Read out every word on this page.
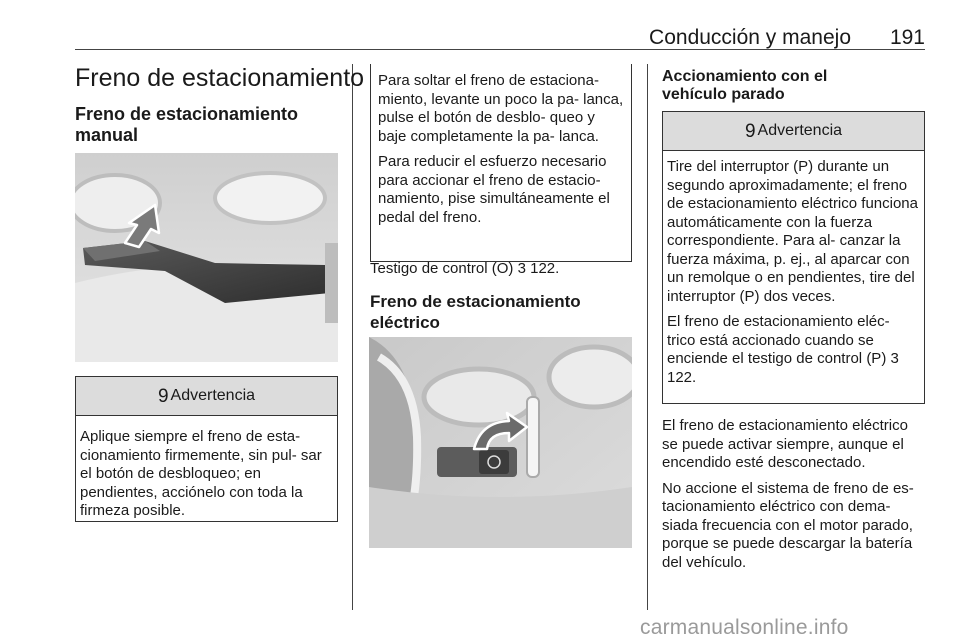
Conducción y manejo 191
Freno de estacionamiento
Freno de estacionamiento manual
9 Advertencia

Aplique siempre el freno de esta- cionamiento firmemente, sin pul- sar el botón de desbloqueo; en pendientes, acciónelo con toda la firmeza posible.

Para soltar el freno de estaciona- miento, levante un poco la pa- lanca, pulse el botón de desblo- queo y baje completamente la pa- lanca.

Para reducir el esfuerzo necesario para accionar el freno de estacio- namiento, pise simultáneamente el pedal del freno.

Testigo de control (O) 3 122.
Freno de estacionamiento eléctrico
Accionamiento con el vehículo parado
9 Advertencia

Tire del interruptor (P) durante un segundo aproximadamente; el freno de estacionamiento eléctrico funciona automáticamente con la fuerza correspondiente. Para al- canzar la fuerza máxima, p. ej., al aparcar con un remolque o en pendientes, tire del interruptor (P) dos veces.

El freno de estacionamiento eléc- trico está accionado cuando se enciende el testigo de control (P) 3 122.

El freno de estacionamiento eléctrico se puede activar siempre, aunque el encendido esté desconectado.

No accione el sistema de freno de es- tacionamiento eléctrico con dema- siada frecuencia con el motor parado, porque se puede descargar la batería del vehículo.

carmanualsonline.info
